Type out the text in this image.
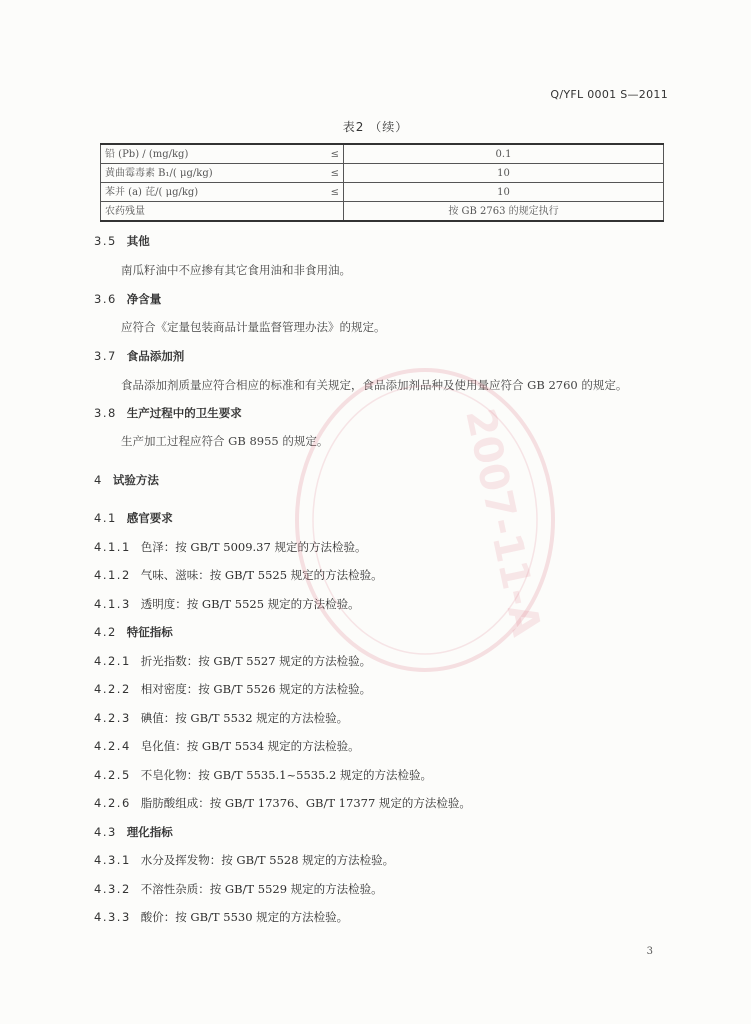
Q/YFL 0001 S—2011
表2 （续）
铅 (Pb) / (mg/kg)	≤	0.1
黄曲霉毒素 B₁/( μg/kg)	≤	10
苯并 (a) 芘/( μg/kg)	≤	10
农药残量		按 GB 2763 的规定执行
3.5 其他
南瓜籽油中不应掺有其它食用油和非食用油。
3.6 净含量
应符合《定量包装商品计量监督管理办法》的规定。
3.7 食品添加剂
食品添加剂质量应符合相应的标准和有关规定，食品添加剂品种及使用量应符合 GB 2760 的规定。
3.8 生产过程中的卫生要求
生产加工过程应符合 GB 8955 的规定。
4 试验方法
4.1 感官要求
4.1.1 色泽：按 GB/T 5009.37 规定的方法检验。
4.1.2 气味、滋味：按 GB/T 5525 规定的方法检验。
4.1.3 透明度：按 GB/T 5525 规定的方法检验。
4.2 特征指标
4.2.1 折光指数：按 GB/T 5527 规定的方法检验。
4.2.2 相对密度：按 GB/T 5526 规定的方法检验。
4.2.3 碘值：按 GB/T 5532 规定的方法检验。
4.2.4 皂化值：按 GB/T 5534 规定的方法检验。
4.2.5 不皂化物：按 GB/T 5535.1~5535.2 规定的方法检验。
4.2.6 脂肪酸组成：按 GB/T 17376、GB/T 17377 规定的方法检验。
4.3 理化指标
4.3.1 水分及挥发物：按 GB/T 5528 规定的方法检验。
4.3.2 不溶性杂质：按 GB/T 5529 规定的方法检验。
4.3.3 酸价：按 GB/T 5530 规定的方法检验。
2007-11-A
3
